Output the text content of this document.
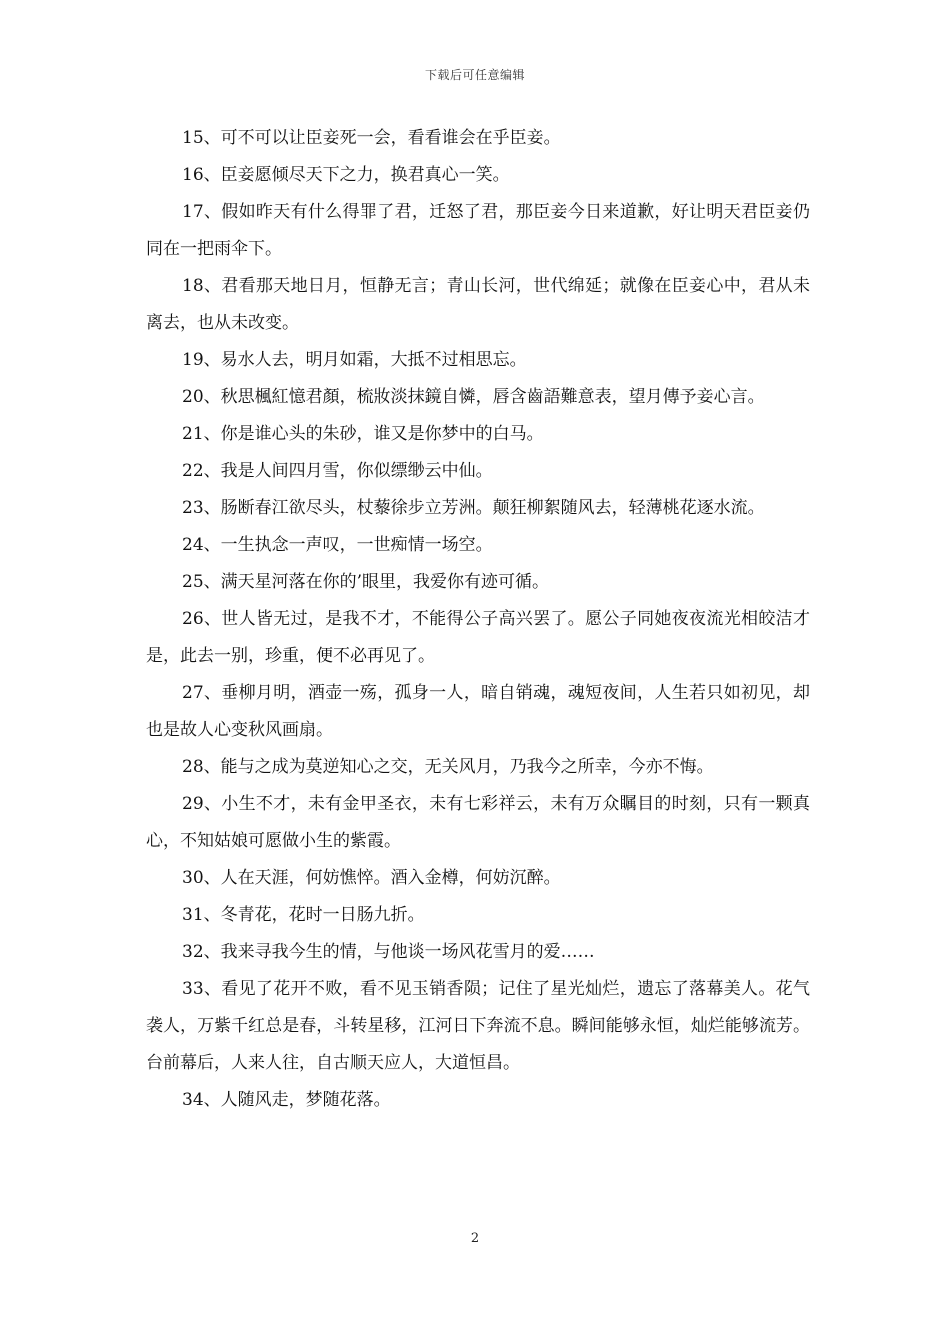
下载后可任意编辑

15、可不可以让臣妾死一会，看看谁会在乎臣妾。

16、臣妾愿倾尽天下之力，换君真心一笑。

17、假如昨天有什么得罪了君，迁怒了君，那臣妾今日来道歉，好让明天君臣妾仍同在一把雨伞下。

18、君看那天地日月，恒静无言；青山长河，世代绵延；就像在臣妾心中，君从未离去，也从未改变。

19、易水人去，明月如霜，大抵不过相思忘。

20、秋思楓紅憶君顏，梳妝淡抹鏡自憐，唇含齒語難意表，望月傳予妾心言。

21、你是谁心头的朱砂，谁又是你梦中的白马。

22、我是人间四月雪，你似缥缈云中仙。

23、肠断春江欲尽头，杖藜徐步立芳洲。颠狂柳絮随风去，轻薄桃花逐水流。

24、一生执念一声叹，一世痴情一场空。

25、满天星河落在你的’眼里，我爱你有迹可循。

26、世人皆无过，是我不才，不能得公子高兴罢了。愿公子同她夜夜流光相皎洁才是，此去一别，珍重，便不必再见了。

27、垂柳月明，酒壶一殇，孤身一人，暗自销魂，魂短夜间，人生若只如初见，却也是故人心变秋风画扇。

28、能与之成为莫逆知心之交，无关风月，乃我今之所幸，今亦不悔。

29、小生不才，未有金甲圣衣，未有七彩祥云，未有万众瞩目的时刻，只有一颗真心，不知姑娘可愿做小生的紫霞。

30、人在天涯，何妨憔悴。酒入金樽，何妨沉醉。

31、冬青花，花时一日肠九折。

32、我来寻我今生的情，与他谈一场风花雪月的爱……

33、看见了花开不败，看不见玉销香陨；记住了星光灿烂，遗忘了落幕美人。花气袭人，万紫千红总是春，斗转星移，江河日下奔流不息。瞬间能够永恒，灿烂能够流芳。台前幕后，人来人往，自古顺天应人，大道恒昌。

34、人随风走，梦随花落。

2
